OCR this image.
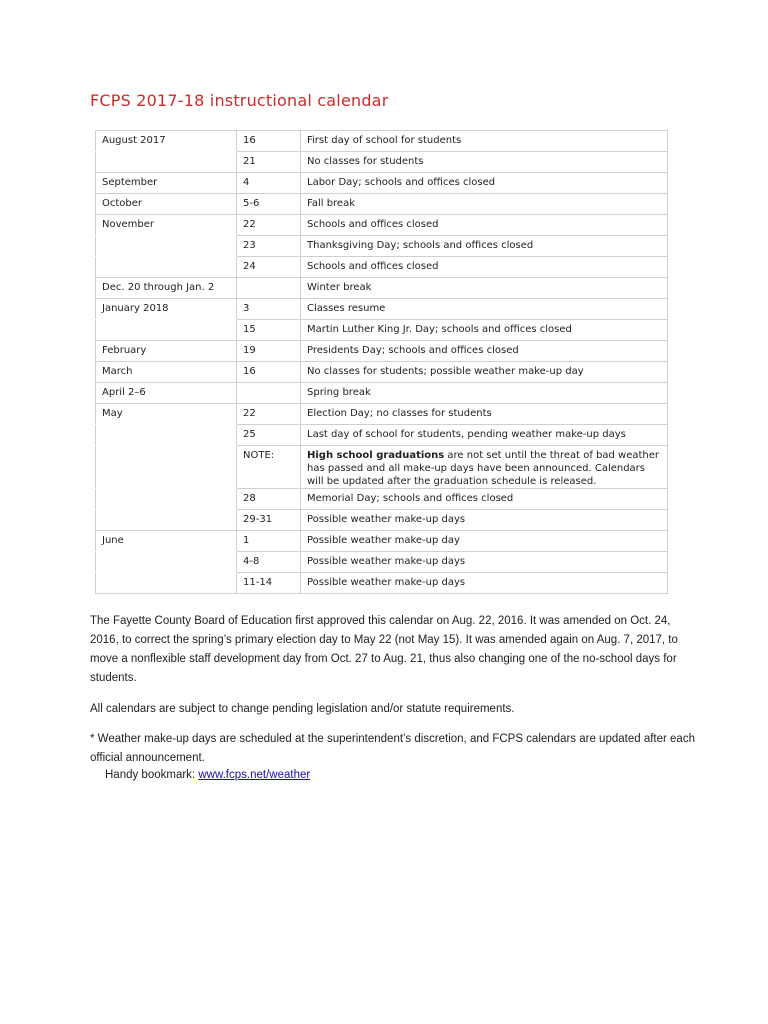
FCPS 2017-18 instructional calendar
August 2017	16	First day of school for students
	21	No classes for students
September	4	Labor Day; schools and offices closed
October	5-6	Fall break
November	22	Schools and offices closed
	23	Thanksgiving Day; schools and offices closed
	24	Schools and offices closed
Dec. 20 through Jan. 2		Winter break
January 2018	3	Classes resume
	15	Martin Luther King Jr. Day; schools and offices closed
February	19	Presidents Day; schools and offices closed
March	16	No classes for students; possible weather make-up day
April 2–6		Spring break
May	22	Election Day; no classes for students
	25	Last day of school for students, pending weather make-up days
	NOTE:	High school graduations are not set until the threat of bad weather has passed and all make-up days have been announced. Calendars will be updated after the graduation schedule is released.
	28	Memorial Day; schools and offices closed
	29-31	Possible weather make-up days
June	1	Possible weather make-up day
	4-8	Possible weather make-up days
	11-14	Possible weather make-up days

The Fayette County Board of Education first approved this calendar on Aug. 22, 2016. It was amended on Oct. 24, 2016, to correct the spring’s primary election day to May 22 (not May 15). It was amended again on Aug. 7, 2017, to move a nonflexible staff development day from Oct. 27 to Aug. 21, thus also changing one of the no-school days for students.

All calendars are subject to change pending legislation and/or statute requirements.

* Weather make-up days are scheduled at the superintendent’s discretion, and FCPS calendars are updated after each official announcement.

Handy bookmark: www.fcps.net/weather
